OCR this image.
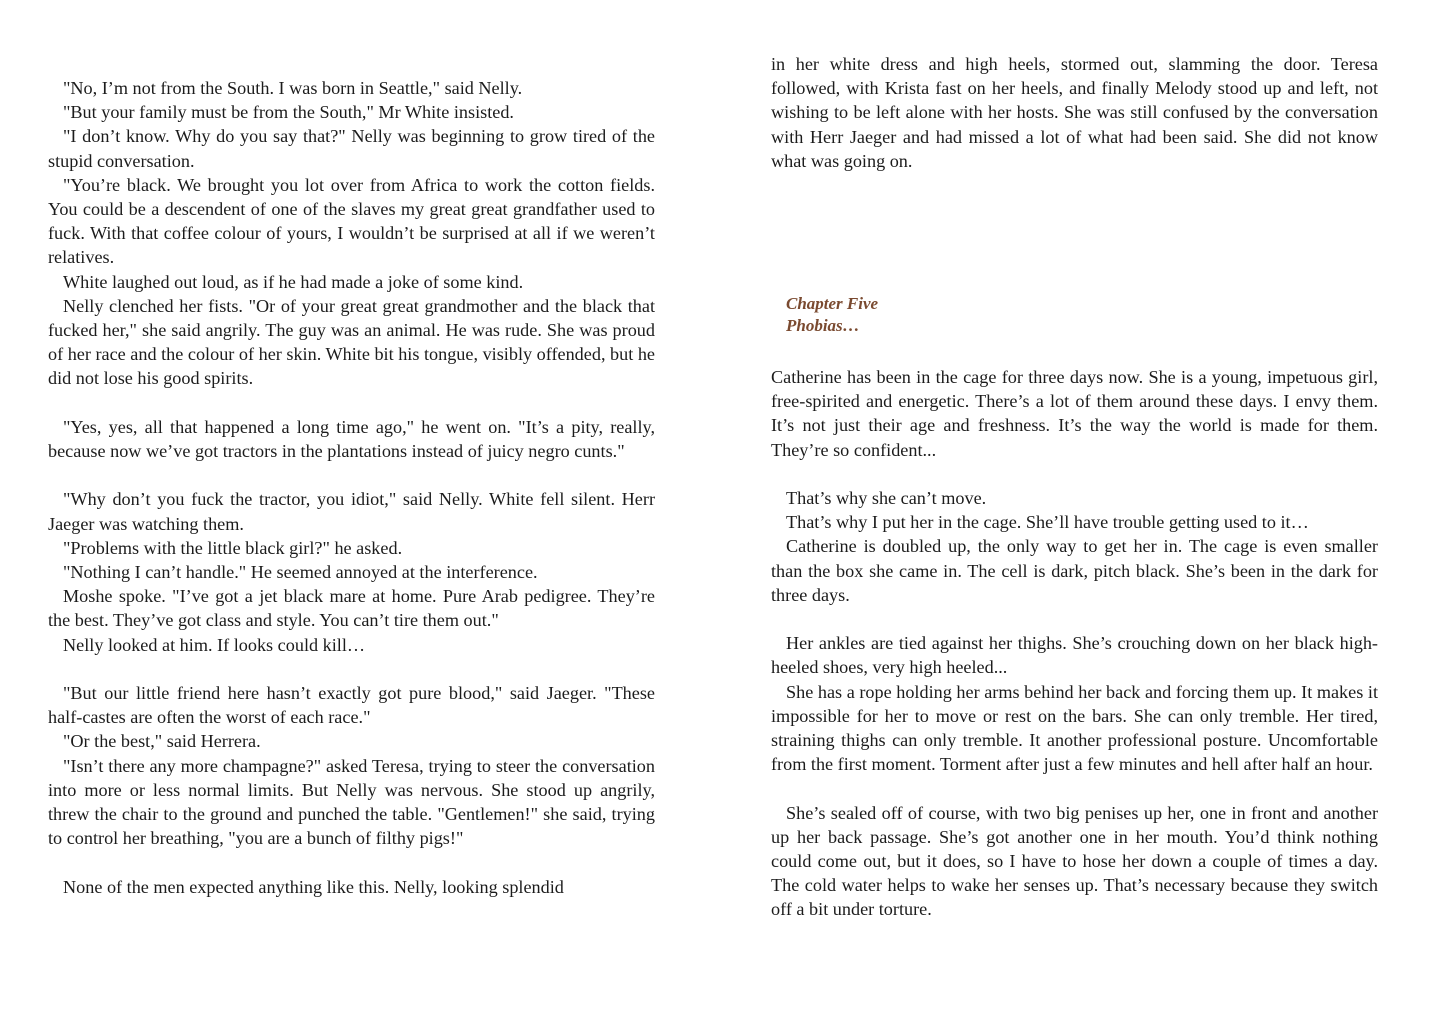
"No, I’m not from the South. I was born in Seattle," said Nelly.
"But your family must be from the South," Mr White insisted.
"I don’t know. Why do you say that?" Nelly was beginning to grow tired of the stupid conversation.
"You’re black. We brought you lot over from Africa to work the cotton fields. You could be a descendent of one of the slaves my great great grandfather used to fuck. With that coffee colour of yours, I wouldn’t be surprised at all if we weren’t relatives.
White laughed out loud, as if he had made a joke of some kind.
Nelly clenched her fists. "Or of your great great grandmother and the black that fucked her," she said angrily. The guy was an animal. He was rude. She was proud of her race and the colour of her skin. White bit his tongue, visibly offended, but he did not lose his good spirits.
"Yes, yes, all that happened a long time ago," he went on. "It’s a pity, really, because now we’ve got tractors in the plantations instead of juicy negro cunts."
"Why don’t you fuck the tractor, you idiot," said Nelly. White fell silent. Herr Jaeger was watching them.
"Problems with the little black girl?" he asked.
"Nothing I can’t handle." He seemed annoyed at the interference.
Moshe spoke. "I’ve got a jet black mare at home. Pure Arab pedigree. They’re the best. They’ve got class and style. You can’t tire them out."
Nelly looked at him. If looks could kill…
"But our little friend here hasn’t exactly got pure blood," said Jaeger. "These half-castes are often the worst of each race."
"Or the best," said Herrera.
"Isn’t there any more champagne?" asked Teresa, trying to steer the conversation into more or less normal limits. But Nelly was nervous. She stood up angrily, threw the chair to the ground and punched the table. "Gentlemen!" she said, trying to control her breathing, "you are a bunch of filthy pigs!"
None of the men expected anything like this. Nelly, looking splendid
in her white dress and high heels, stormed out, slamming the door. Teresa followed, with Krista fast on her heels, and finally Melody stood up and left, not wishing to be left alone with her hosts. She was still confused by the conversation with Herr Jaeger and had missed a lot of what had been said. She did not know what was going on.
Chapter Five
Phobias…
Catherine has been in the cage for three days now. She is a young, impetuous girl, free-spirited and energetic. There’s a lot of them around these days. I envy them. It’s not just their age and freshness. It’s the way the world is made for them. They’re so confident...
That’s why she can’t move.
That’s why I put her in the cage. She’ll have trouble getting used to it…
Catherine is doubled up, the only way to get her in. The cage is even smaller than the box she came in. The cell is dark, pitch black. She’s been in the dark for three days.
Her ankles are tied against her thighs. She’s crouching down on her black high-heeled shoes, very high heeled...
She has a rope holding her arms behind her back and forcing them up. It makes it impossible for her to move or rest on the bars. She can only tremble. Her tired, straining thighs can only tremble. It another professional posture. Uncomfortable from the first moment. Torment after just a few minutes and hell after half an hour.
She’s sealed off of course, with two big penises up her, one in front and another up her back passage. She’s got another one in her mouth. You’d think nothing could come out, but it does, so I have to hose her down a couple of times a day. The cold water helps to wake her senses up. That’s necessary because they switch off a bit under torture.
